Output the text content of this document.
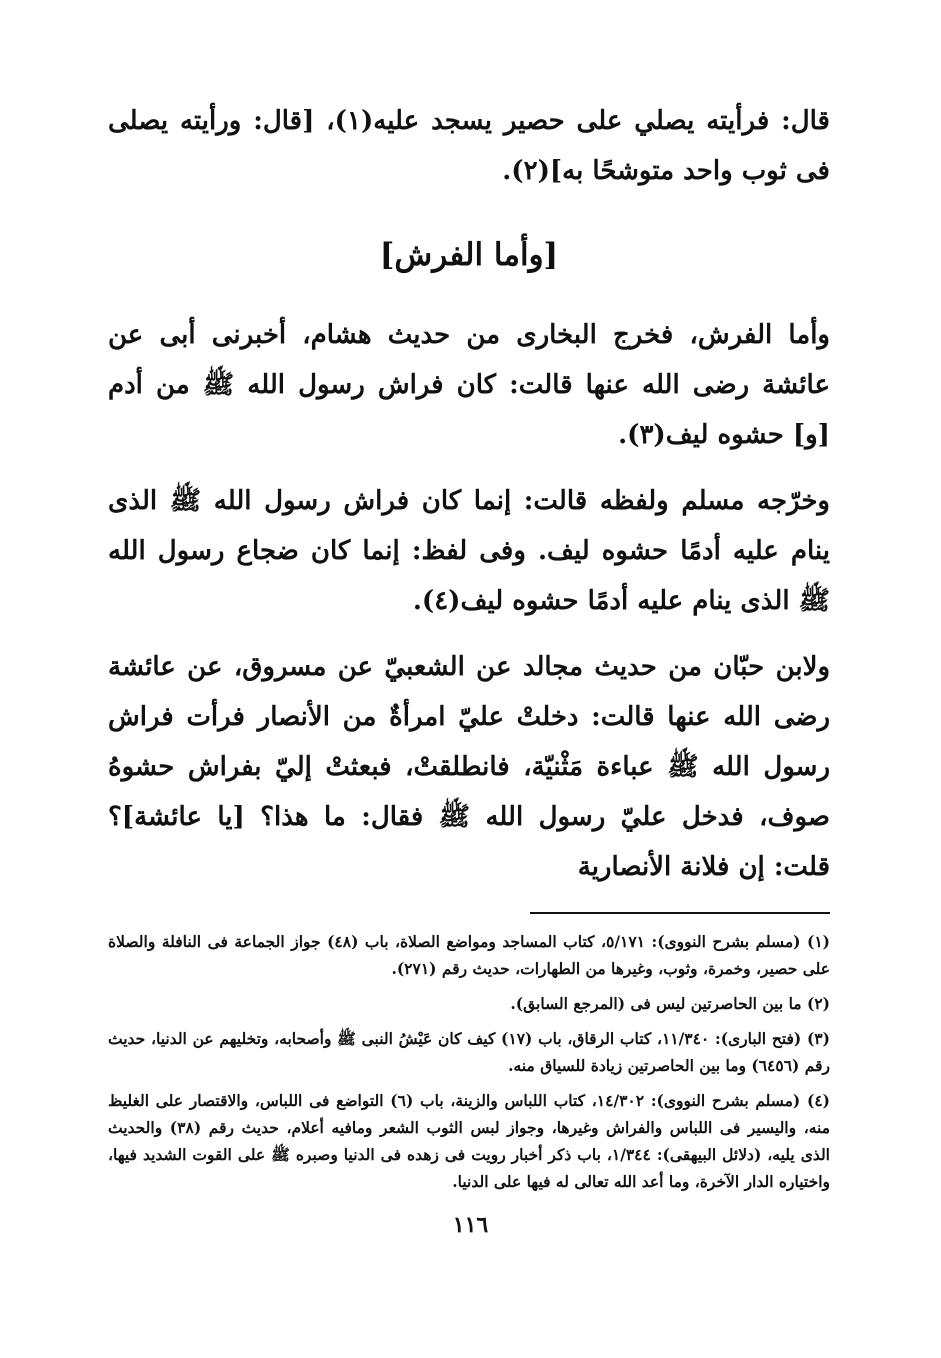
قال: فرأيته يصلي على حصير يسجد عليه(١)، [قال: ورأيته يصلى فى ثوب واحد متوشحًا به](٢).

[وأما الفرش]

وأما الفرش، فخرج البخارى من حديث هشام، أخبرنى أبى عن عائشة رضى الله عنها قالت: كان فراش رسول الله ﷺ من أدم [و] حشوه ليف(٣).

وخرّجه مسلم ولفظه قالت: إنما كان فراش رسول الله ﷺ الذى ينام عليه أدمًا حشوه ليف. وفى لفظ: إنما كان ضجاع رسول الله ﷺ الذى ينام عليه أدمًا حشوه ليف(٤).

ولابن حبّان من حديث مجالد عن الشعبيّ عن مسروق، عن عائشة رضى الله عنها قالت: دخلتْ عليّ امرأةٌ من الأنصار فرأت فراش رسول الله ﷺ عباءة مَثْنيّة، فانطلقتْ، فبعثتْ إليّ بفراش حشوهُ صوف، فدخل عليّ رسول الله ﷺ فقال: ما هذا؟ [يا عائشة]؟ قلت: إن فلانة الأنصارية

(١) (مسلم بشرح النووى): ٥/١٧١، كتاب المساجد ومواضع الصلاة، باب (٤٨) جواز الجماعة فى النافلة والصلاة على حصير، وخمرة، وثوب، وغيرها من الطهارات، حديث رقم (٢٧١).

(٢) ما بين الحاصرتين ليس فى (المرجع السابق).

(٣) (فتح البارى): ١١/٣٤٠، كتاب الرقاق، باب (١٧) كيف كان عَيْشُ النبى ﷺ وأصحابه، وتخليهم عن الدنيا، حديث رقم (٦٤٥٦) وما بين الحاصرتين زيادة للسياق منه.

(٤) (مسلم بشرح النووى): ١٤/٣٠٢، كتاب اللباس والزينة، باب (٦) التواضع فى اللباس، والاقتصار على الغليظ منه، واليسير فى اللباس والفراش وغيرها، وجواز لبس الثوب الشعر ومافيه أعلام، حديث رقم (٣٨) والحديث الذى يليه، (دلائل البيهقى): ١/٣٤٤، باب ذكر أخبار رويت فى زهده فى الدنيا وصبره ﷺ على القوت الشديد فيها، واختياره الدار الآخرة، وما أعد الله تعالى له فيها على الدنيا.

١١٦
